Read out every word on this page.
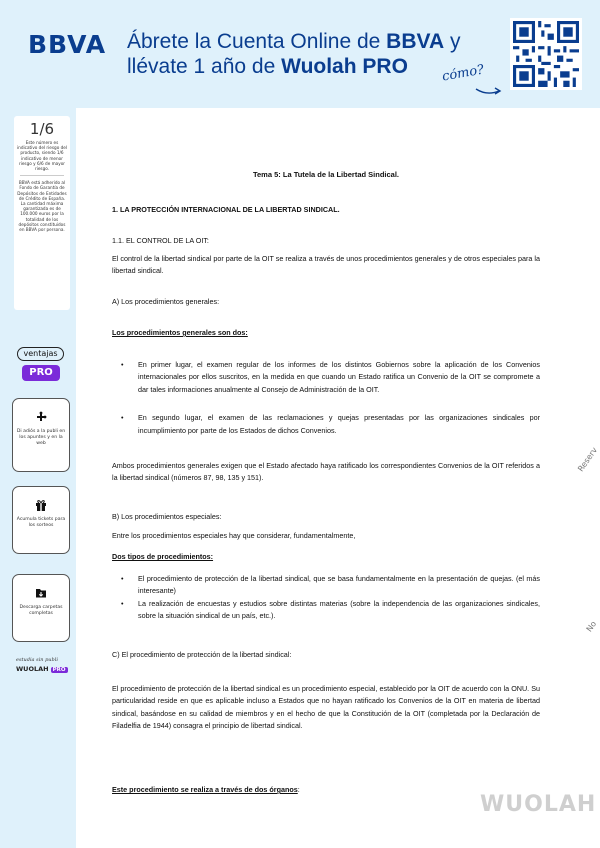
BBVA Ábrete la Cuenta Online de BBVA y
llévate 1 año de Wuolah PRO	cómo?
1/6
Este número es indicativo del riesgo del producto, siendo 1/6 indicativo de menor riesgo y 6/6 de mayor riesgo.
BBVA está adherido al Fondo de Garantía de Depósitos de Entidades de Crédito de España. La cantidad máxima garantizada es de 100.000 euros por la totalidad de los depósitos constituidos en BBVA por persona.
ventajas
PRO
Di adiós a la publi en los apuntes y en la web
Acumula tickets para los sorteos
Descarga carpetas completas
estudia sin publi
WUOLAH PRO
Tema 5: La Tutela de la Libertad Sindical.
1. LA PROTECCIÓN INTERNACIONAL DE LA LIBERTAD SINDICAL.
1.1. EL CONTROL DE LA OIT:
El control de la libertad sindical por parte de la OIT se realiza a través de unos procedimientos generales y de otros especiales para la libertad sindical.
A) Los procedimientos generales:
Los procedimientos generales son dos:
• En primer lugar, el examen regular de los informes de los distintos Gobiernos sobre la aplicación de los Convenios internacionales por ellos suscritos, en la medida en que cuando un Estado ratifica un Convenio de la OIT se compromete a dar tales informaciones anualmente al Consejo de Administración de la OIT.
• En segundo lugar, el examen de las reclamaciones y quejas presentadas por las organizaciones sindicales por incumplimiento por parte de los Estados de dichos Convenios.
Ambos procedimientos generales exigen que el Estado afectado haya ratificado los correspondientes Convenios de la OIT referidos a la libertad sindical (números 87, 98, 135 y 151).
B) Los procedimientos especiales:
Entre los procedimientos especiales hay que considerar, fundamentalmente,
Dos tipos de procedimientos:
• El procedimiento de protección de la libertad sindical, que se basa fundamentalmente en la presentación de quejas. (el más interesante)
• La realización de encuestas y estudios sobre distintas materias (sobre la independencia de las organizaciones sindicales, sobre la situación sindical de un país, etc.).
C) El procedimiento de protección de la libertad sindical:
El procedimiento de protección de la libertad sindical es un procedimiento especial, establecido por la OIT de acuerdo con la ONU. Su particularidad reside en que es aplicable incluso a Estados que no hayan ratificado los Convenios de la OIT en materia de libertad sindical, basándose en su calidad de miembros y en el hecho de que la Constitución de la OIT (completada por la Declaración de Filadelfia de 1944) consagra el principio de libertad sindical.
Este procedimiento se realiza a través de dos órganos:
Reserv
No
WUOLAH
